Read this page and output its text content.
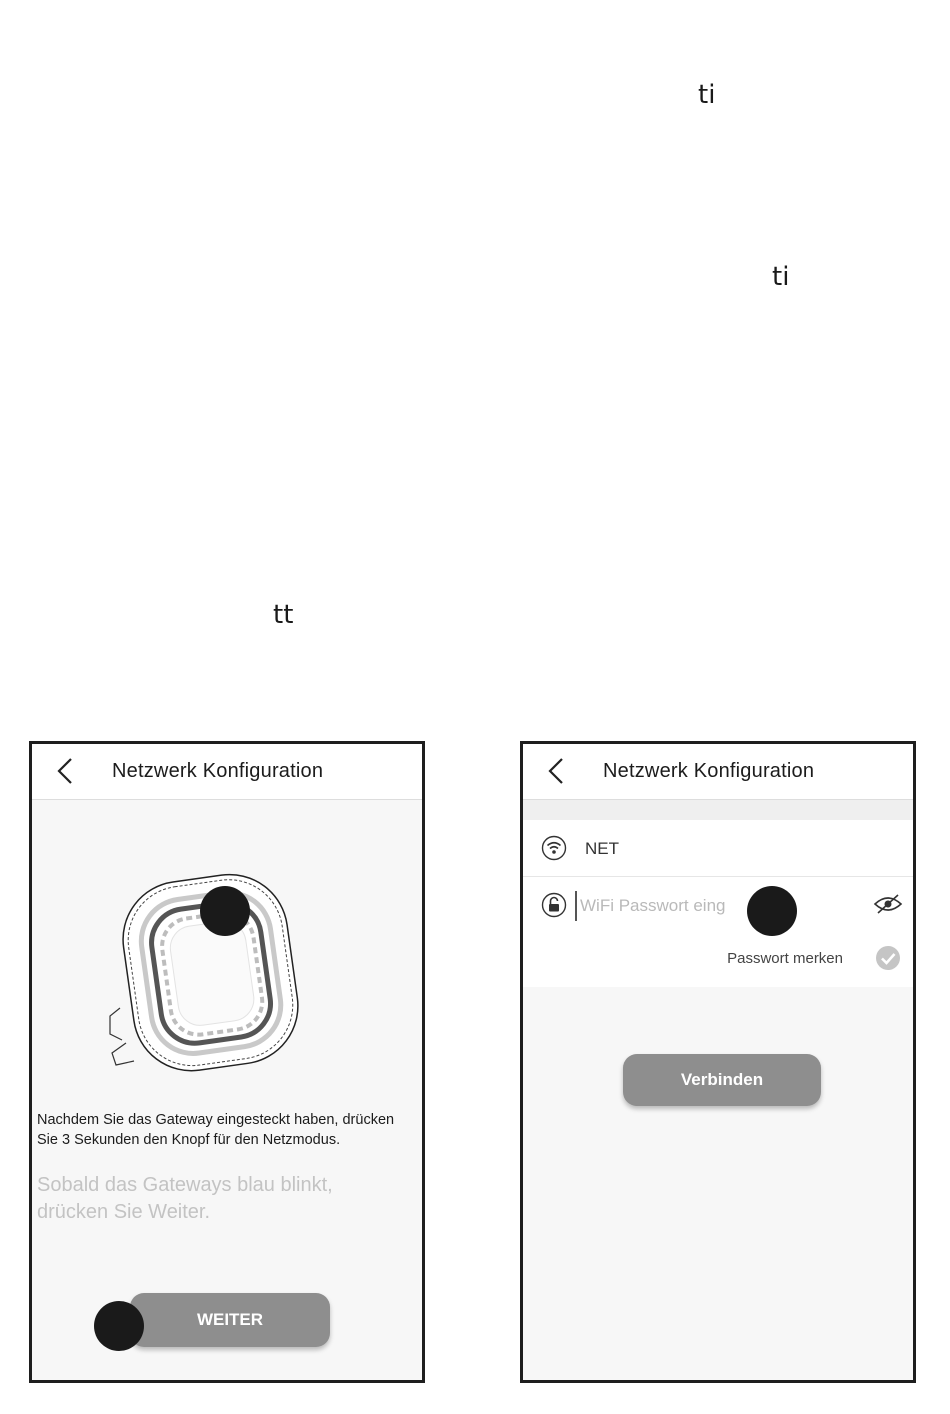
ti
ti
tt
Netzwerk Konfiguration
Nachdem Sie das Gateway eingesteckt haben, drücken Sie 3 Sekunden den Knopf für den Netzmodus.
Sobald das Gateways blau blinkt, drücken Sie Weiter.
WEITER
Netzwerk Konfiguration
NET
WiFi Passwort eing
Passwort merken
Verbinden
